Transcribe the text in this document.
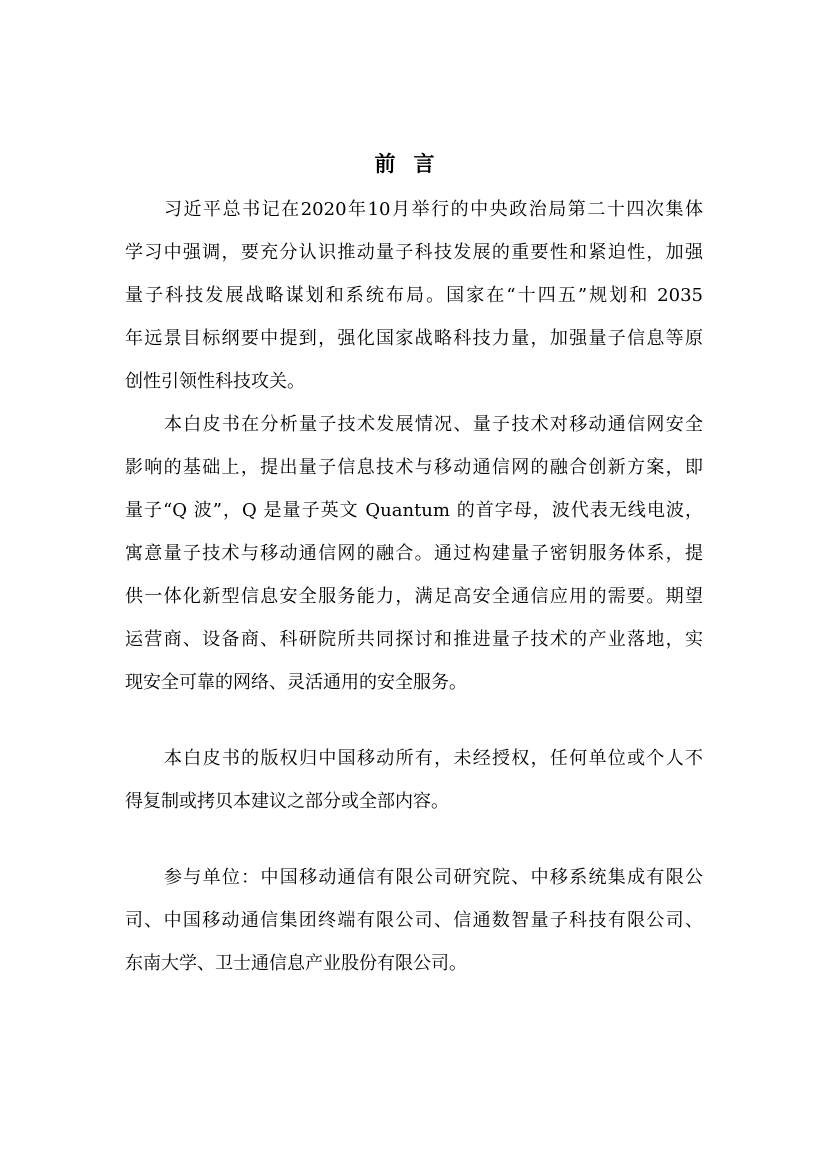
前言
习近平总书记在2020年10月举行的中央政治局第二十四次集体
学习中强调，要充分认识推动量子科技发展的重要性和紧迫性，加强
量子科技发展战略谋划和系统布局。国家在“十四五”规划和 2035
年远景目标纲要中提到，强化国家战略科技力量，加强量子信息等原
创性引领性科技攻关。
本白皮书在分析量子技术发展情况、量子技术对移动通信网安全
影响的基础上，提出量子信息技术与移动通信网的融合创新方案，即
量子“Q 波”，Q 是量子英文 Quantum 的首字母，波代表无线电波，
寓意量子技术与移动通信网的融合。通过构建量子密钥服务体系，提
供一体化新型信息安全服务能力，满足高安全通信应用的需要。期望
运营商、设备商、科研院所共同探讨和推进量子技术的产业落地，实
现安全可靠的网络、灵活通用的安全服务。
本白皮书的版权归中国移动所有，未经授权，任何单位或个人不
得复制或拷贝本建议之部分或全部内容。
参与单位：中国移动通信有限公司研究院、中移系统集成有限公
司、中国移动通信集团终端有限公司、信通数智量子科技有限公司、
东南大学、卫士通信息产业股份有限公司。
